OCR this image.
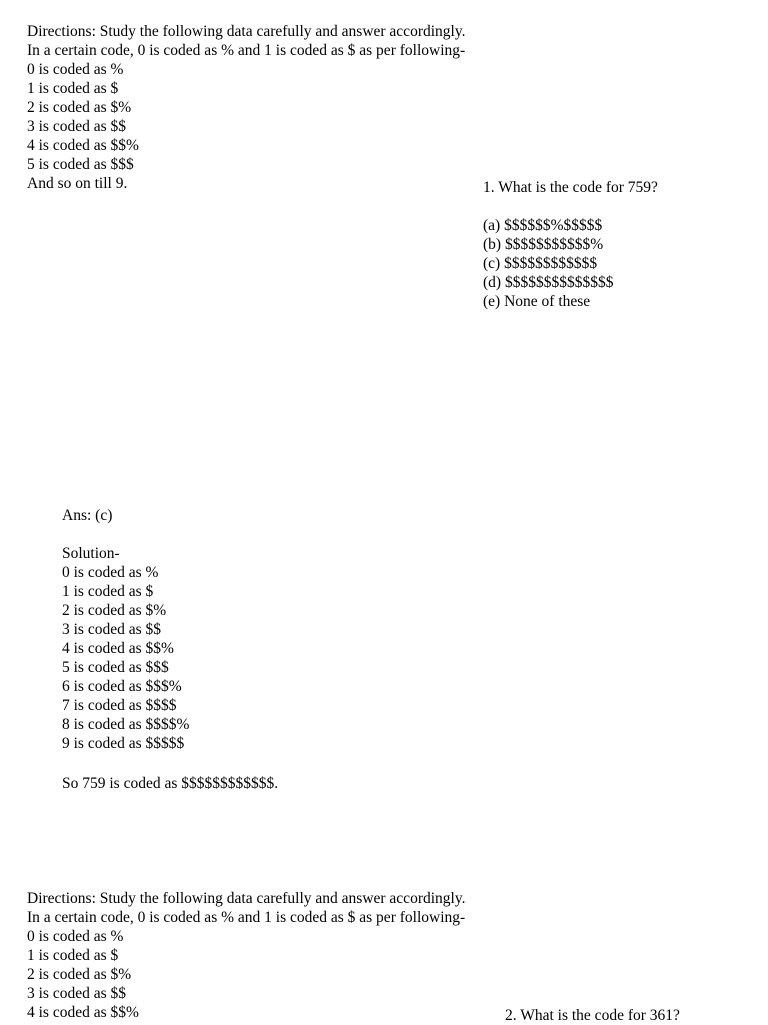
Directions: Study the following data carefully and answer accordingly.
In a certain code, 0 is coded as % and 1 is coded as $ as per following-
0 is coded as %
1 is coded as $
2 is coded as $%
3 is coded as $$
4 is coded as $$%
5 is coded as $$$
And so on till 9.	1. What is the code for 759?
(a) $$$$$$%$$$$$
(b) $$$$$$$$$$$%
(c) $$$$$$$$$$$$
(d) $$$$$$$$$$$$$$
(e) None of these
Ans: (c)
Solution-
0 is coded as %
1 is coded as $
2 is coded as $%
3 is coded as $$
4 is coded as $$%
5 is coded as $$$
6 is coded as $$$%
7 is coded as $$$$
8 is coded as $$$$%
9 is coded as $$$$$
So 759 is coded as $$$$$$$$$$$$.
Directions: Study the following data carefully and answer accordingly.
In a certain code, 0 is coded as % and 1 is coded as $ as per following-
0 is coded as %
1 is coded as $
2 is coded as $%
3 is coded as $$
4 is coded as $$%	2. What is the code for 361?
